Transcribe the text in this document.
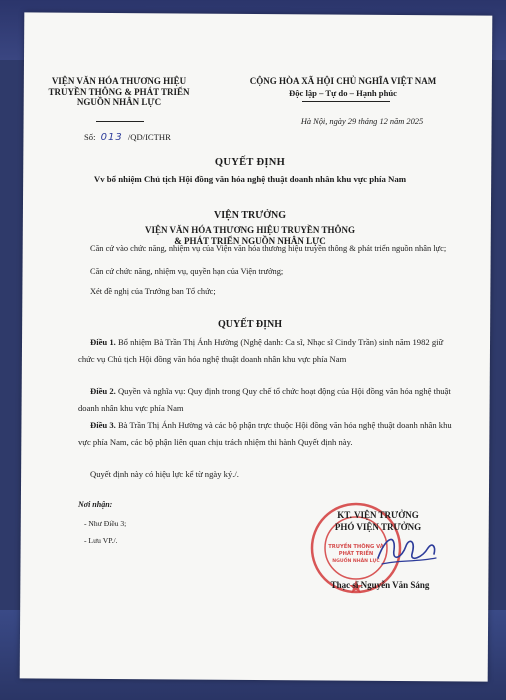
VIỆN VĂN HÓA THƯƠNG HIỆU
TRUYỀN THÔNG & PHÁT TRIỂN
NGUỒN NHÂN LỰC
CỘNG HÒA XÃ HỘI CHỦ NGHĨA VIỆT NAM
Độc lập – Tự do – Hạnh phúc
Số: 013 /QD/ICTHR
Hà Nội, ngày 29 tháng 12 năm 2025
QUYẾT ĐỊNH
Vv bổ nhiệm Chủ tịch Hội đồng văn hóa nghệ thuật doanh nhân khu vực phía Nam
VIỆN TRƯỞNG
VIỆN VĂN HÓA THƯƠNG HIỆU TRUYỀN THÔNG
& PHÁT TRIỂN NGUỒN NHÂN LỰC
Căn cứ vào chức năng, nhiệm vụ của Viện văn hóa thương hiệu truyền thông & phát triển nguồn nhân lực;
Căn cứ chức năng, nhiệm vụ, quyền hạn của Viện trưởng;
Xét đề nghị của Trưởng ban Tổ chức;
QUYẾT ĐỊNH
Điều 1. Bổ nhiệm Bà Trần Thị Ánh Hường (Nghệ danh: Ca sĩ, Nhạc sĩ Cindy Trần) sinh năm 1982 giữ chức vụ Chủ tịch Hội đồng văn hóa nghệ thuật doanh nhân khu vực phía Nam
Điều 2. Quyền và nghĩa vụ: Quy định trong Quy chế tổ chức hoạt động của Hội đồng văn hóa nghệ thuật doanh nhân khu vực phía Nam
Điều 3. Bà Trần Thị Ánh Hường và các bộ phận trực thuộc Hội đồng văn hóa nghệ thuật doanh nhân khu vực phía Nam, các bộ phận liên quan chịu trách nhiệm thi hành Quyết định này.
Quyết định này có hiệu lực kể từ ngày ký./.
Nơi nhận:
- Như Điều 3;
- Lưu VP./.
TRUYỀN THÔNG VÀ
PHÁT TRIỂN
NGUỒN NHÂN LỰC
KT. VIỆN TRƯỞNG
PHÓ VIỆN TRƯỞNG
Thạc sĩ Nguyễn Văn Sáng
